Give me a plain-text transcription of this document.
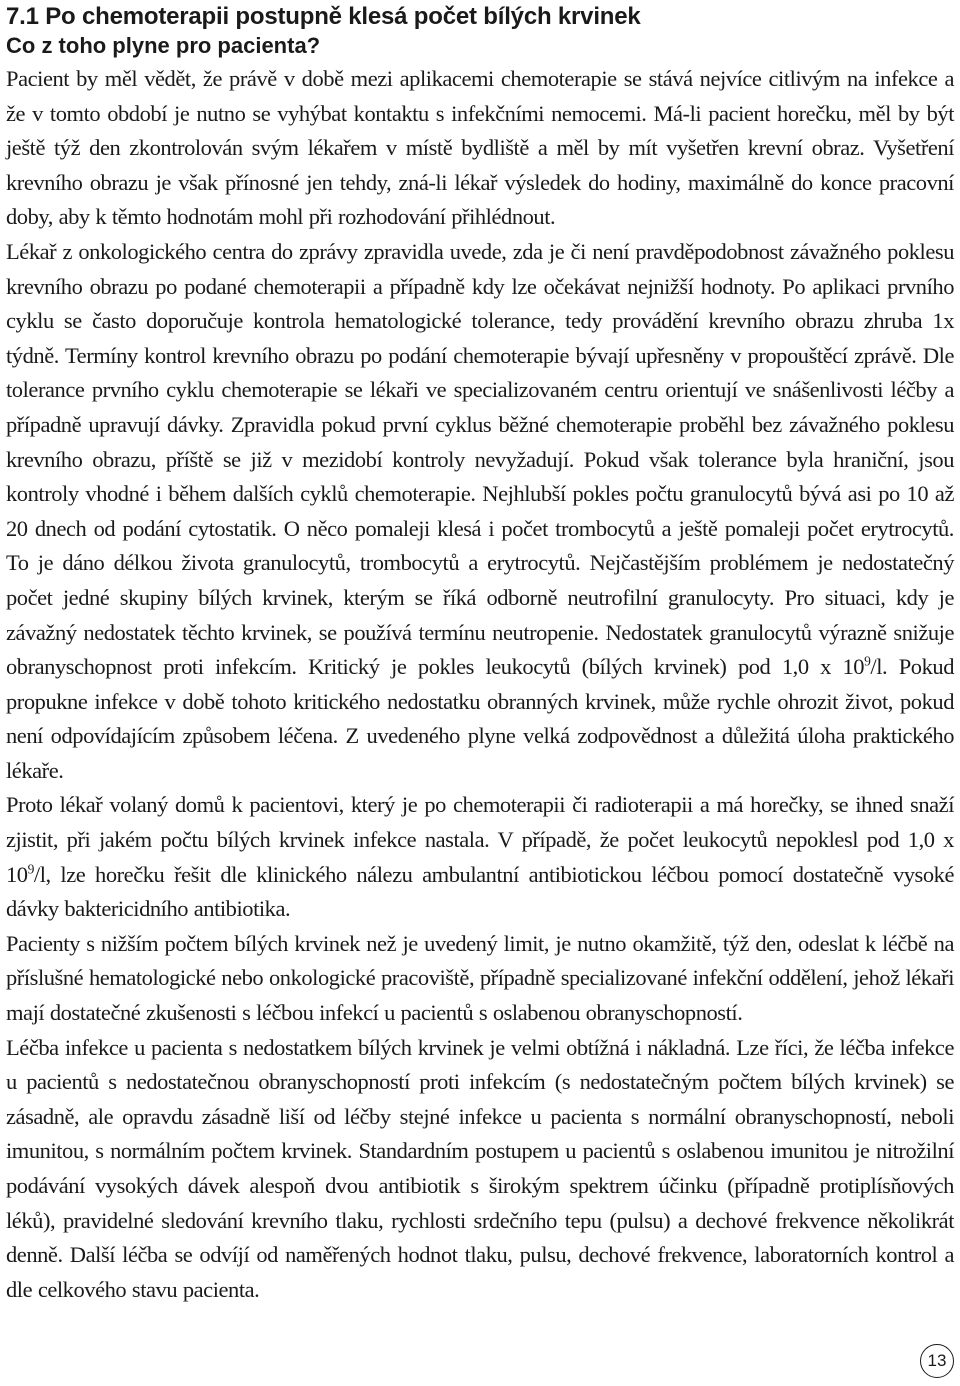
7.1 Po chemoterapii postupně klesá počet bílých krvinek
Co z toho plyne pro pacienta?

Pacient by měl vědět, že právě v době mezi aplikacemi chemoterapie se stává nejvíce citlivým na infekce a že v tomto období je nutno se vyhýbat kontaktu s infekčními nemocemi. Má-li pacient horečku, měl by být ještě týž den zkontrolován svým lékařem v místě bydliště a měl by mít vyšetřen krevní obraz. Vyšetření krevního obrazu je však přínosné jen tehdy, zná-li lékař výsledek do hodiny, maximálně do konce pracovní doby, aby k těmto hodnotám mohl při rozhodování přihlédnout.

Lékař z onkologického centra do zprávy zpravidla uvede, zda je či není pravděpodobnost závažného poklesu krevního obrazu po podané chemoterapii a případně kdy lze očekávat nejnižší hodnoty. Po aplikaci prvního cyklu se často doporučuje kontrola hematologické tolerance, tedy provádění krevního obrazu zhruba 1x týdně. Termíny kontrol krevního obrazu po podání chemoterapie bývají upřesněny v propouštěcí zprávě. Dle tolerance prvního cyklu chemoterapie se lékaři ve specializovaném centru orientují ve snášenlivosti léčby a případně upravují dávky. Zpravidla pokud první cyklus běžné chemoterapie proběhl bez závažného poklesu krevního obrazu, příště se již v mezidobí kontroly nevyžadují. Pokud však tolerance byla hraniční, jsou kontroly vhodné i během dalších cyklů chemoterapie. Nejhlubší pokles počtu granulocytů bývá asi po 10 až 20 dnech od podání cytostatik. O něco pomaleji klesá i počet trombocytů a ještě pomaleji počet erytrocytů. To je dáno délkou života granulocytů, trombocytů a erytrocytů. Nejčastějším problémem je nedostatečný počet jedné skupiny bílých krvinek, kterým se říká odborně neutrofilní granulocyty. Pro situaci, kdy je závažný nedostatek těchto krvinek, se používá termínu neutropenie. Nedostatek granulocytů výrazně snižuje obranyschopnost proti infekcím. Kritický je pokles leukocytů (bílých krvinek) pod 1,0 x $10^9/l$. Pokud propukne infekce v době tohoto kritického nedostatku obranných krvinek, může rychle ohrozit život, pokud není odpovídajícím způsobem léčena. Z uvedeného plyne velká zodpovědnost a důležitá úloha praktického lékaře.

Proto lékař volaný domů k pacientovi, který je po chemoterapii či radioterapii a má horečky, se ihned snaží zjistit, při jakém počtu bílých krvinek infekce nastala. V případě, že počet leukocytů nepoklesl pod 1,0 x $10^9/l$, lze horečku řešit dle klinického nálezu ambulantní antibiotickou léčbou pomocí dostatečně vysoké dávky baktericidního antibiotika.

Pacienty s nižším počtem bílých krvinek než je uvedený limit, je nutno okamžitě, týž den, odeslat k léčbě na příslušné hematologické nebo onkologické pracoviště, případně specializované infekční oddělení, jehož lékaři mají dostatečné zkušenosti s léčbou infekcí u pacientů s oslabenou obranyschopností.

Léčba infekce u pacienta s nedostatkem bílých krvinek je velmi obtížná i nákladná. Lze říci, že léčba infekce u pacientů s nedostatečnou obranyschopností proti infekcím (s nedostatečným počtem bílých krvinek) se zásadně, ale opravdu zásadně liší od léčby stejné infekce u pacienta s normální obranyschopností, neboli imunitou, s normálním počtem krvinek. Standardním postupem u pacientů s oslabenou imunitou je nitrožilní podávání vysokých dávek alespoň dvou antibiotik s širokým spektrem účinku (případně protiplísňových léků), pravidelné sledování krevního tlaku, rychlosti srdečního tepu (pulsu) a dechové frekvence několikrát denně. Další léčba se odvíjí od naměřených hodnot tlaku, pulsu, dechové frekvence, laboratorních kontrol a dle celkového stavu pacienta.

13
